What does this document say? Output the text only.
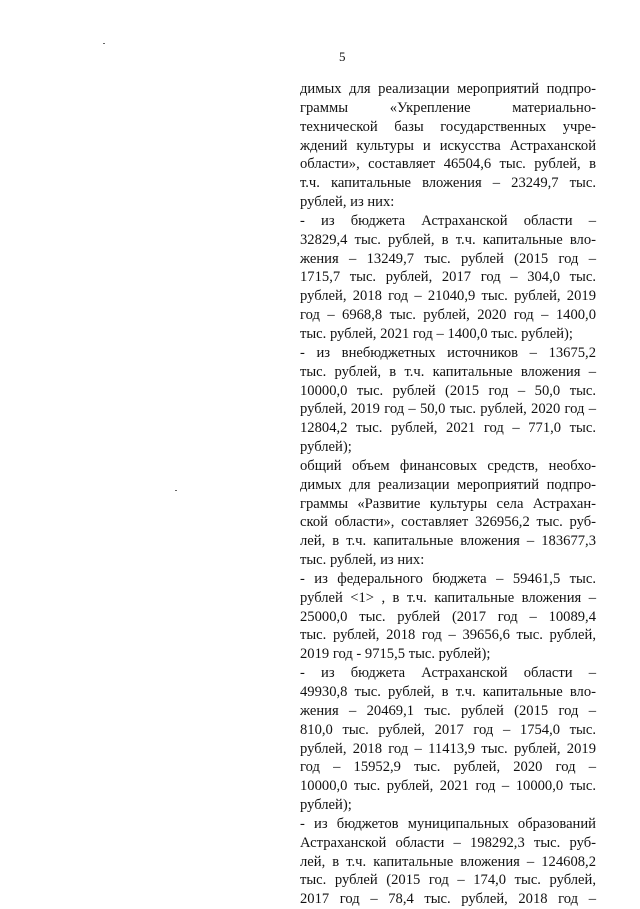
5
димых для реализации мероприятий подпро-
граммы «Укрепление материально-
технической базы государственных учре-
ждений культуры и искусства Астраханской
области», составляет 46504,6 тыс. рублей, в
т.ч. капитальные вложения – 23249,7 тыс.
рублей, из них:
- из бюджета Астраханской области –
32829,4 тыс. рублей, в т.ч. капитальные вло-
жения – 13249,7 тыс. рублей (2015 год –
1715,7 тыс. рублей, 2017 год – 304,0 тыс.
рублей, 2018 год – 21040,9 тыс. рублей, 2019
год – 6968,8 тыс. рублей, 2020 год – 1400,0
тыс. рублей, 2021 год – 1400,0 тыс. рублей);
- из внебюджетных источников – 13675,2
тыс. рублей, в т.ч. капитальные вложения –
10000,0 тыс. рублей (2015 год – 50,0 тыс.
рублей, 2019 год – 50,0 тыс. рублей, 2020 год –
12804,2 тыс. рублей, 2021 год – 771,0 тыс.
рублей);
общий объем финансовых средств, необхо-
димых для реализации мероприятий подпро-
граммы «Развитие культуры села Астрахан-
ской области», составляет 326956,2 тыс. руб-
лей, в т.ч. капитальные вложения – 183677,3
тыс. рублей, из них:
- из федерального бюджета – 59461,5 тыс.
рублей <1> , в т.ч. капитальные вложения –
25000,0 тыс. рублей (2017 год – 10089,4
тыс. рублей, 2018 год – 39656,6 тыс. рублей,
2019 год - 9715,5 тыс. рублей);
- из бюджета Астраханской области –
49930,8 тыс. рублей, в т.ч. капитальные вло-
жения – 20469,1 тыс. рублей (2015 год –
810,0 тыс. рублей, 2017 год – 1754,0 тыс.
рублей, 2018 год – 11413,9 тыс. рублей, 2019
год – 15952,9 тыс. рублей, 2020 год –
10000,0 тыс. рублей, 2021 год – 10000,0 тыс.
рублей);
- из бюджетов муниципальных образований
Астраханской области – 198292,3 тыс. руб-
лей, в т.ч. капитальные вложения – 124608,2
тыс. рублей (2015 год – 174,0 тыс. рублей,
2017 год – 78,4 тыс. рублей, 2018 год –
